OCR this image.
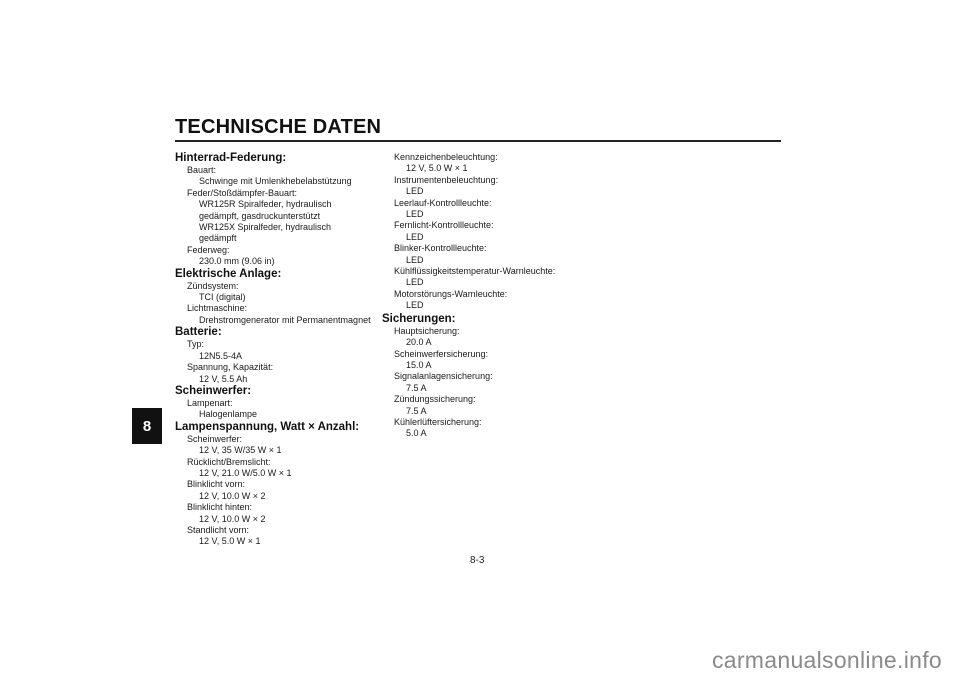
TECHNISCHE DATEN
8
Hinterrad-Federung:
Bauart:
Schwinge mit Umlenkhebelabstützung
Feder/Stoßdämpfer-Bauart:
WR125R Spiralfeder, hydraulisch
gedämpft, gasdruckunterstützt
WR125X Spiralfeder, hydraulisch
gedämpft
Federweg:
230.0 mm (9.06 in)
Elektrische Anlage:
Zündsystem:
TCI (digital)
Lichtmaschine:
Drehstromgenerator mit Permanentmagnet
Batterie:
Typ:
12N5.5-4A
Spannung, Kapazität:
12 V, 5.5 Ah
Scheinwerfer:
Lampenart:
Halogenlampe
Lampenspannung, Watt × Anzahl:
Scheinwerfer:
12 V, 35 W/35 W × 1
Rücklicht/Bremslicht:
12 V, 21.0 W/5.0 W × 1
Blinklicht vorn:
12 V, 10.0 W × 2
Blinklicht hinten:
12 V, 10.0 W × 2
Standlicht vorn:
12 V, 5.0 W × 1
Kennzeichenbeleuchtung:
12 V, 5.0 W × 1
Instrumentenbeleuchtung:
LED
Leerlauf-Kontrollleuchte:
LED
Fernlicht-Kontrollleuchte:
LED
Blinker-Kontrollleuchte:
LED
Kühlflüssigkeitstemperatur-Warnleuchte:
LED
Motorstörungs-Warnleuchte:
LED
Sicherungen:
Hauptsicherung:
20.0 A
Scheinwerfersicherung:
15.0 A
Signalanlagensicherung:
7.5 A
Zündungssicherung:
7.5 A
Kühlerlüftersicherung:
5.0 A
8-3
carmanualsonline.info
